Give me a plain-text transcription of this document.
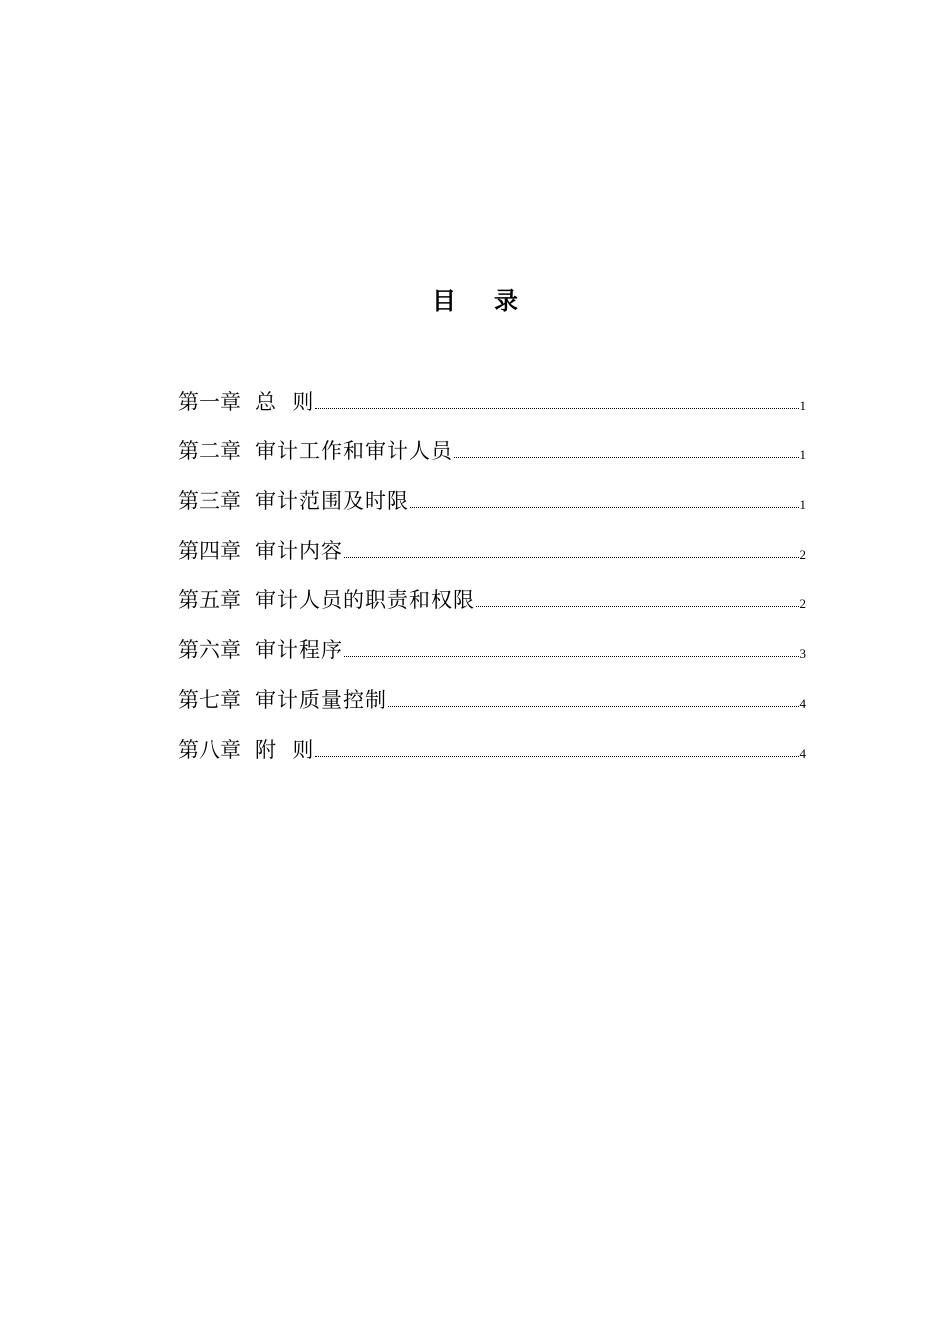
目 录
第一章 总  则	1
第二章 审计工作和审计人员	1
第三章 审计范围及时限	1
第四章 审计内容	2
第五章 审计人员的职责和权限	2
第六章 审计程序	3
第七章 审计质量控制	4
第八章 附  则	4
